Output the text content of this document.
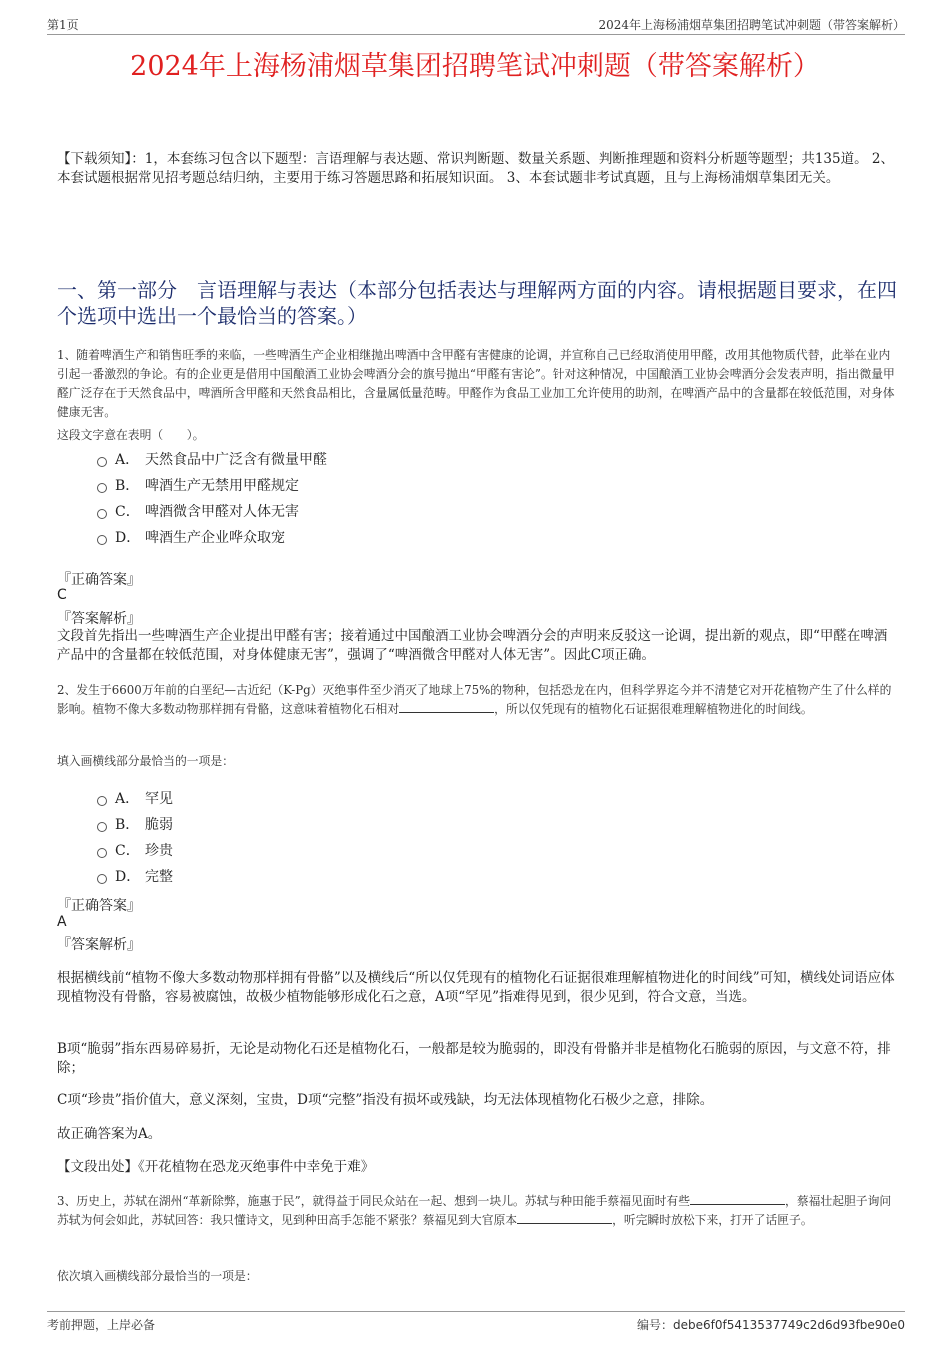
第1页	2024年上海杨浦烟草集团招聘笔试冲刺题（带答案解析）
2024年上海杨浦烟草集团招聘笔试冲刺题（带答案解析）
【下载须知】：1，本套练习包含以下题型：言语理解与表达题、常识判断题、数量关系题、判断推理题和资料分析题等题型；共135道。 2、本套试题根据常见招考题总结归纳，主要用于练习答题思路和拓展知识面。 3、本套试题非考试真题，且与上海杨浦烟草集团无关。
一、第一部分　言语理解与表达（本部分包括表达与理解两方面的内容。请根据题目要求，在四个选项中选出一个最恰当的答案。）
1、随着啤酒生产和销售旺季的来临，一些啤酒生产企业相继抛出啤酒中含甲醛有害健康的论调，并宣称自己已经取消使用甲醛，改用其他物质代替，此举在业内引起一番激烈的争论。有的企业更是借用中国酿酒工业协会啤酒分会的旗号抛出“甲醛有害论”。针对这种情况，中国酿酒工业协会啤酒分会发表声明，指出微量甲醛广泛存在于天然食品中，啤酒所含甲醛和天然食品相比，含量属低量范畴。甲醛作为食品工业加工允许使用的助剂，在啤酒产品中的含量都在较低范围，对身体健康无害。
这段文字意在表明（　　）。
A． 天然食品中广泛含有微量甲醛
B． 啤酒生产无禁用甲醛规定
C． 啤酒微含甲醛对人体无害
D． 啤酒生产企业哗众取宠
『正确答案』
C
『答案解析』
文段首先指出一些啤酒生产企业提出甲醛有害；接着通过中国酿酒工业协会啤酒分会的声明来反驳这一论调，提出新的观点，即“甲醛在啤酒产品中的含量都在较低范围，对身体健康无害”，强调了“啤酒微含甲醛对人体无害”。因此C项正确。
2、发生于6600万年前的白垩纪—古近纪（K-Pg）灭绝事件至少消灭了地球上75%的物种，包括恐龙在内，但科学界迄今并不清楚它对开花植物产生了什么样的影响。植物不像大多数动物那样拥有骨骼，这意味着植物化石相对	，所以仅凭现有的植物化石证据很难理解植物进化的时间线。
填入画横线部分最恰当的一项是：
A． 罕见
B． 脆弱
C． 珍贵
D． 完整
『正确答案』
A
『答案解析』
根据横线前“植物不像大多数动物那样拥有骨骼”以及横线后“所以仅凭现有的植物化石证据很难理解植物进化的时间线”可知，横线处词语应体现植物没有骨骼，容易被腐蚀，故极少植物能够形成化石之意，A项“罕见”指难得见到，很少见到，符合文意，当选。
B项“脆弱”指东西易碎易折，无论是动物化石还是植物化石，一般都是较为脆弱的，即没有骨骼并非是植物化石脆弱的原因，与文意不符，排除；
C项“珍贵”指价值大，意义深刻，宝贵，D项“完整”指没有损坏或残缺，均无法体现植物化石极少之意，排除。
故正确答案为A。
【文段出处】《开花植物在恐龙灭绝事件中幸免于难》
3、历史上，苏轼在湖州“革新除弊，施惠于民”，就得益于同民众站在一起、想到一块儿。苏轼与种田能手蔡福见面时有些	，蔡福壮起胆子询问苏轼为何会如此，苏轼回答：我只懂诗文，见到种田高手怎能不紧张？蔡福见到大官原本	，听完瞬时放松下来，打开了话匣子。
依次填入画横线部分最恰当的一项是：
考前押题，上岸必备	编号：debe6f0f5413537749c2d6d93fbe90e0
